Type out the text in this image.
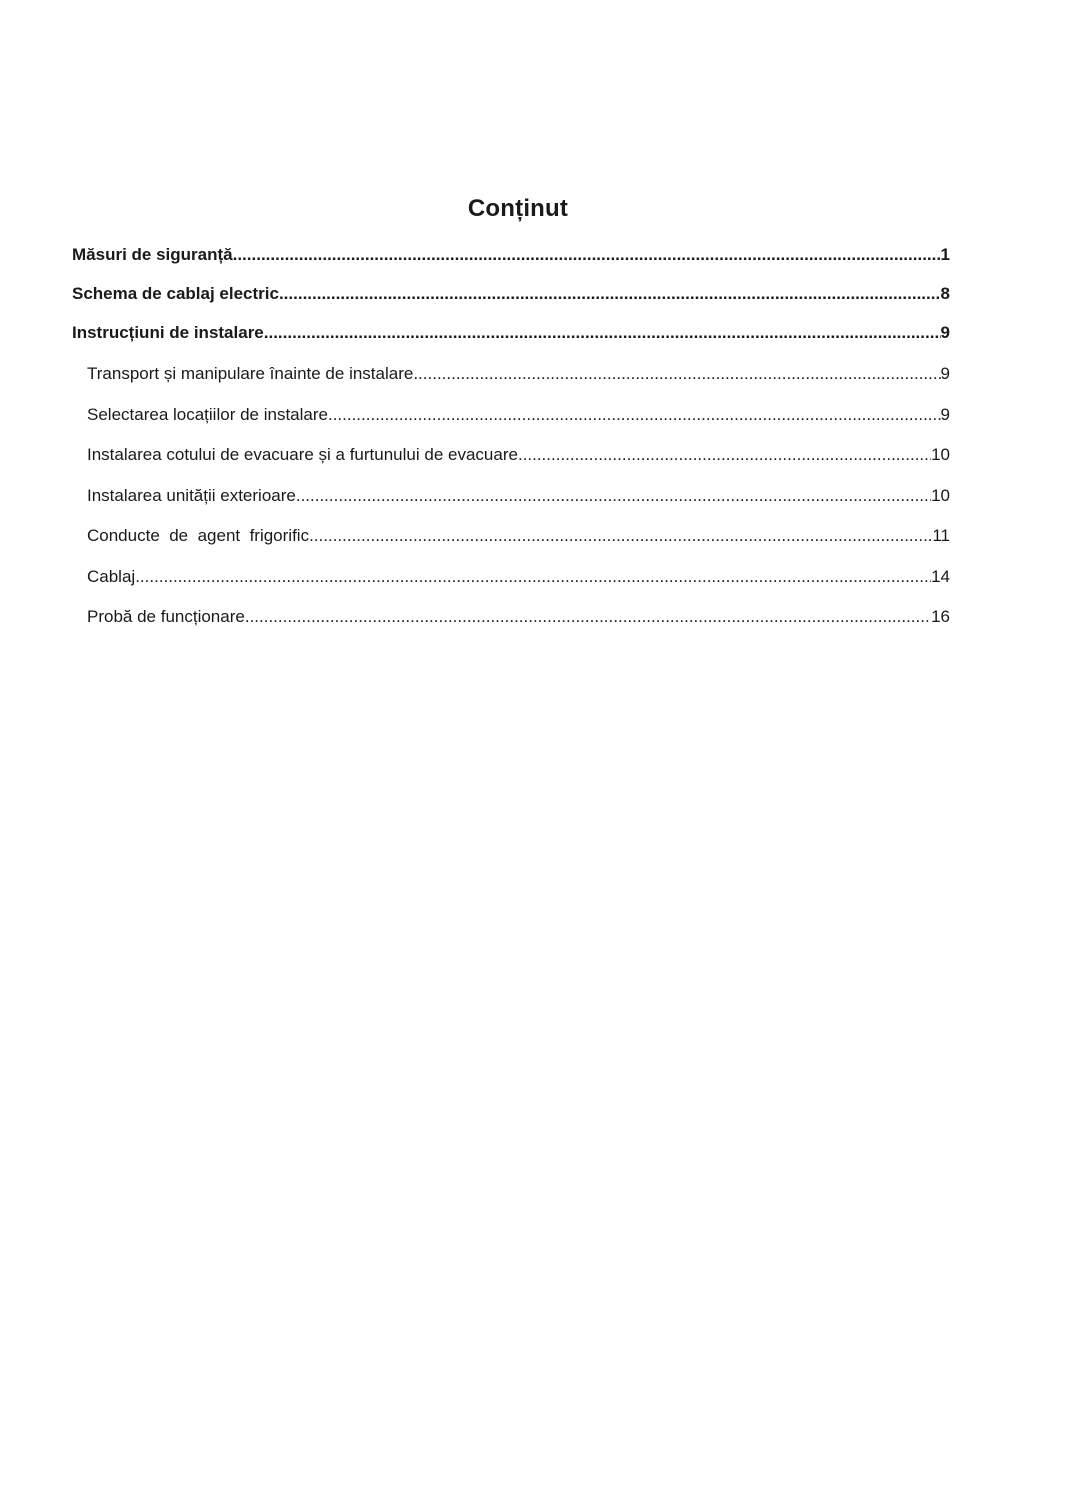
Conținut
Măsuri de siguranță .....	1
Schema de cablaj electric .....	8
Instrucțiuni de instalare .....	9
Transport și manipulare înainte de instalare .....	9
Selectarea locațiilor de instalare .....	9
Instalarea cotului de evacuare și a furtunului de evacuare .....	10
Instalarea unității exterioare .....	10
Conducte  de  agent  frigorific .....	11
Cablaj .....	14
Probă de funcționare .....	16
